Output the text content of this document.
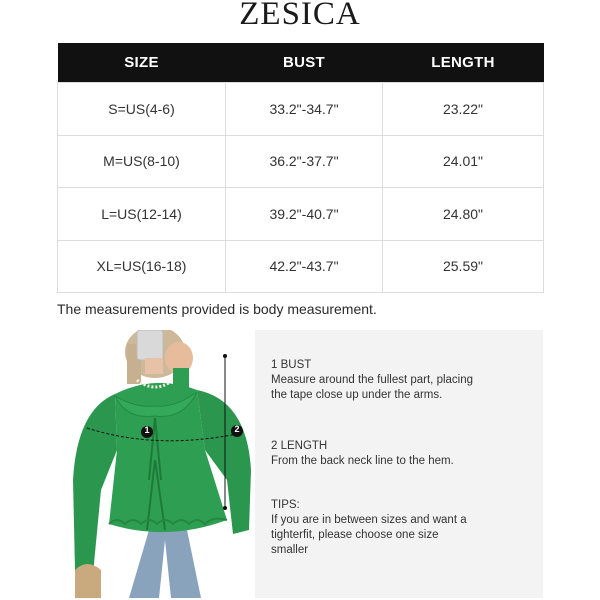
ZESICA
SIZE	BUST	LENGTH
S=US(4-6)	33.2"-34.7"	23.22"
M=US(8-10)	36.2"-37.7"	24.01"
L=US(12-14)	39.2"-40.7"	24.80"
XL=US(16-18)	42.2"-43.7"	25.59"
The measurements provided is body measurement.
1	2
1 BUST
Measure around the fullest part, placing
the tape close up under the arms.
2 LENGTH
From the back neck line to the hem.
TIPS:
If you are in between sizes and want a
tighterfit, please choose one size
smaller
